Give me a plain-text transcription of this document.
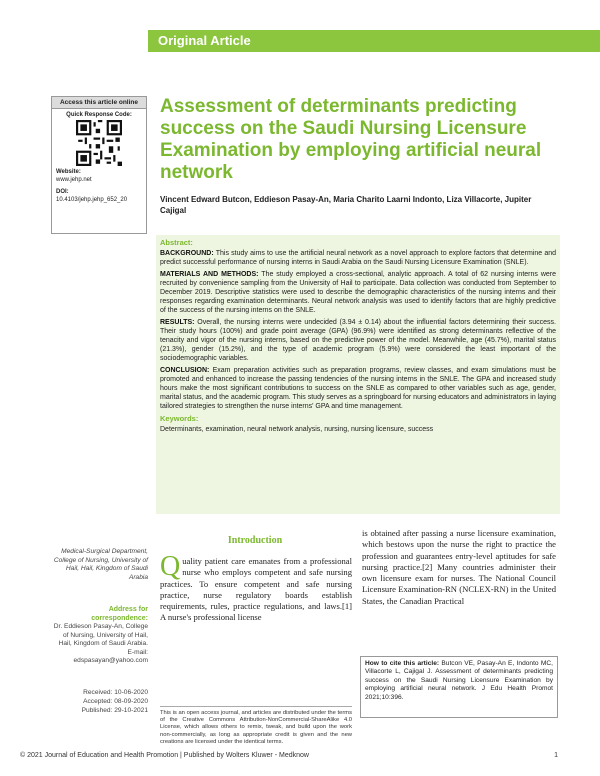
Original Article
Access this article online
Quick Response Code:
Website:
www.jehp.net
DOI:
10.4103/jehp.jehp_652_20
Assessment of determinants predicting success on the Saudi Nursing Licensure Examination by employing artificial neural network
Vincent Edward Butcon, Eddieson Pasay-An, Maria Charito Laarni Indonto, Liza Villacorte, Jupiter Cajigal
Abstract:

BACKGROUND: This study aims to use the artificial neural network as a novel approach to explore factors that determine and predict successful performance of nursing interns in Saudi Arabia on the Saudi Nursing Licensure Examination (SNLE).

MATERIALS AND METHODS: The study employed a cross-sectional, analytic approach. A total of 62 nursing interns were recruited by convenience sampling from the University of Hail to participate. Data collection was conducted from September to December 2019. Descriptive statistics were used to describe the demographic characteristics of the nursing interns and their responses regarding examination determinants. Neural network analysis was used to identify factors that are highly predictive of the success of the nursing interns on the SNLE.

RESULTS: Overall, the nursing interns were undecided (3.94 ± 0.14) about the influential factors determining their success. Their study hours (100%) and grade point average (GPA) (96.9%) were identified as strong determinants reflective of the tenacity and vigor of the nursing interns, based on the predictive power of the model. Meanwhile, age (45.7%), marital status (21.3%), gender (15.2%), and the type of academic program (5.9%) were considered the least important of the sociodemographic variables.

CONCLUSION: Exam preparation activities such as preparation programs, review classes, and exam simulations must be promoted and enhanced to increase the passing tendencies of the nursing interns in the SNLE. The GPA and increased study hours make the most significant contributions to success on the SNLE as compared to other variables such as age, gender, marital status, and the academic program. This study serves as a springboard for nursing educators and administrators in laying tailored strategies to strengthen the nurse interns' GPA and time management.

Keywords:

Determinants, examination, neural network analysis, nursing, nursing licensure, success

Introduction
Quality patient care emanates from a professional nurse who employs competent and safe nursing practices. To ensure competent and safe nursing practice, nurse regulatory boards establish requirements, rules, practice regulations, and laws.[1] A nurse's professional license
is obtained after passing a nurse licensure examination, which bestows upon the nurse the right to practice the profession and guarantees entry-level aptitudes for safe nursing practice.[2] Many countries administer their own licensure exam for nurses. The National Council Licensure Examination-RN (NCLEX-RN) in the United States, the Canadian Practical
Medical-Surgical Department, College of Nursing, University of Hail, Hail, Kingdom of Saudi Arabia
Address for correspondence:
Dr. Eddieson Pasay-An, College of Nursing, University of Hail, Hail, Kingdom of Saudi Arabia. E-mail: edspasayan@yahoo.com
Received: 10-06-2020
Accepted: 08-09-2020
Published: 29-10-2021 This is an open access journal, and articles are distributed under the terms of the Creative Commons Attribution-NonCommercial-ShareAlike 4.0 License, which allows others to remix, tweak, and build upon the work non-commercially, as long as appropriate credit is given and the new creations are licensed under the identical terms.
How to cite this article: Butcon VE, Pasay-An E, Indonto MC, Villacorte L, Cajigal J. Assessment of determinants predicting success on the Saudi Nursing Licensure Examination by employing artificial neural network. J Edu Health Promot 2021;10:396.
© 2021 Journal of Education and Health Promotion | Published by Wolters Kluwer - Medknow	1
